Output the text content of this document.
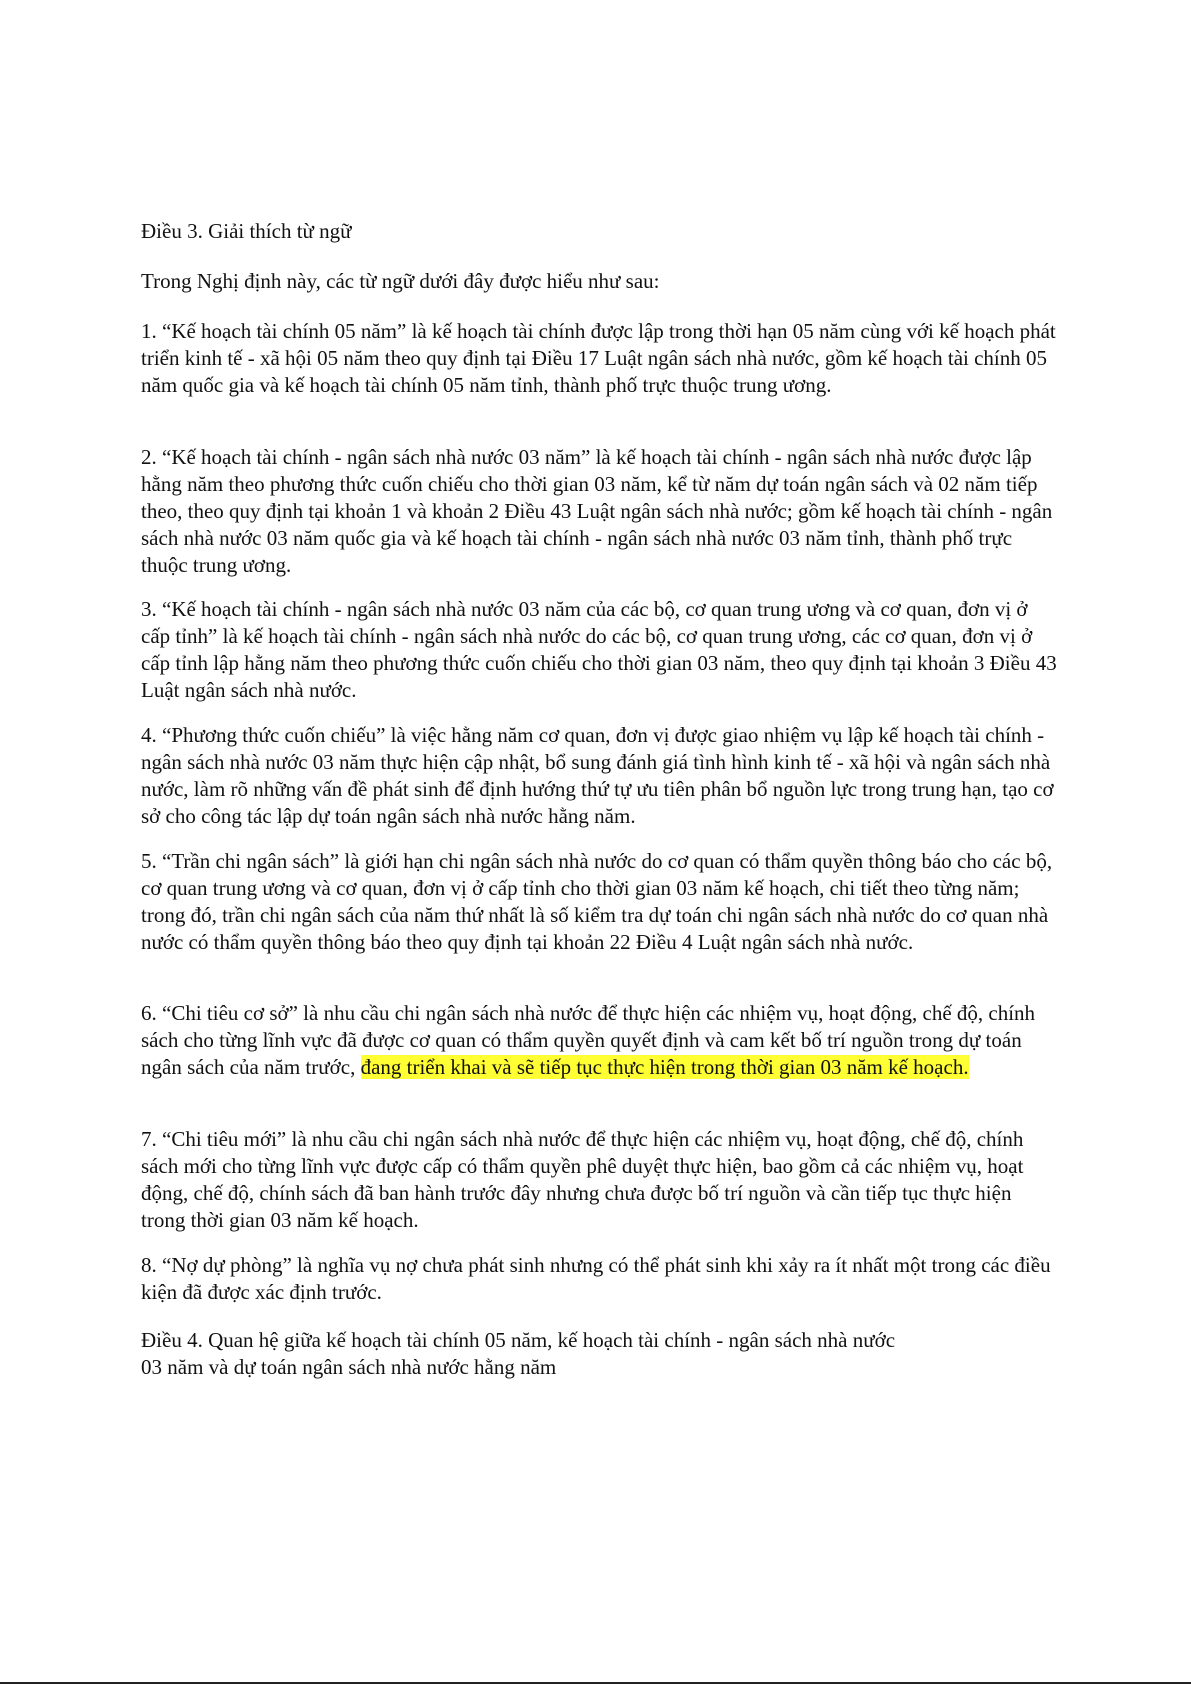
Điều 3. Giải thích từ ngữ

Trong Nghị định này, các từ ngữ dưới đây được hiểu như sau:

1. “Kế hoạch tài chính 05 năm” là kế hoạch tài chính được lập trong thời hạn 05 năm cùng với kế hoạch phát triển kinh tế - xã hội 05 năm theo quy định tại Điều 17 Luật ngân sách nhà nước, gồm kế hoạch tài chính 05 năm quốc gia và kế hoạch tài chính 05 năm tỉnh, thành phố trực thuộc trung ương.

2. “Kế hoạch tài chính - ngân sách nhà nước 03 năm” là kế hoạch tài chính - ngân sách nhà nước được lập hằng năm theo phương thức cuốn chiếu cho thời gian 03 năm, kể từ năm dự toán ngân sách và 02 năm tiếp theo, theo quy định tại khoản 1 và khoản 2 Điều 43 Luật ngân sách nhà nước; gồm kế hoạch tài chính - ngân sách nhà nước 03 năm quốc gia và kế hoạch tài chính - ngân sách nhà nước 03 năm tỉnh, thành phố trực thuộc trung ương.

3. “Kế hoạch tài chính - ngân sách nhà nước 03 năm của các bộ, cơ quan trung ương và cơ quan, đơn vị ở cấp tỉnh” là kế hoạch tài chính - ngân sách nhà nước do các bộ, cơ quan trung ương, các cơ quan, đơn vị ở cấp tỉnh lập hằng năm theo phương thức cuốn chiếu cho thời gian 03 năm, theo quy định tại khoản 3 Điều 43 Luật ngân sách nhà nước.

4. “Phương thức cuốn chiếu” là việc hằng năm cơ quan, đơn vị được giao nhiệm vụ lập kế hoạch tài chính - ngân sách nhà nước 03 năm thực hiện cập nhật, bổ sung đánh giá tình hình kinh tế - xã hội và ngân sách nhà nước, làm rõ những vấn đề phát sinh để định hướng thứ tự ưu tiên phân bổ nguồn lực trong trung hạn, tạo cơ sở cho công tác lập dự toán ngân sách nhà nước hằng năm.

5. “Trần chi ngân sách” là giới hạn chi ngân sách nhà nước do cơ quan có thẩm quyền thông báo cho các bộ, cơ quan trung ương và cơ quan, đơn vị ở cấp tỉnh cho thời gian 03 năm kế hoạch, chi tiết theo từng năm; trong đó, trần chi ngân sách của năm thứ nhất là số kiểm tra dự toán chi ngân sách nhà nước do cơ quan nhà nước có thẩm quyền thông báo theo quy định tại khoản 22 Điều 4 Luật ngân sách nhà nước.

6. “Chi tiêu cơ sở” là nhu cầu chi ngân sách nhà nước để thực hiện các nhiệm vụ, hoạt động, chế độ, chính sách cho từng lĩnh vực đã được cơ quan có thẩm quyền quyết định và cam kết bố trí nguồn trong dự toán ngân sách của năm trước, đang triển khai và sẽ tiếp tục thực hiện trong thời gian 03 năm kế hoạch.

7. “Chi tiêu mới” là nhu cầu chi ngân sách nhà nước để thực hiện các nhiệm vụ, hoạt động, chế độ, chính sách mới cho từng lĩnh vực được cấp có thẩm quyền phê duyệt thực hiện, bao gồm cả các nhiệm vụ, hoạt động, chế độ, chính sách đã ban hành trước đây nhưng chưa được bố trí nguồn và cần tiếp tục thực hiện trong thời gian 03 năm kế hoạch.

8. “Nợ dự phòng” là nghĩa vụ nợ chưa phát sinh nhưng có thể phát sinh khi xảy ra ít nhất một trong các điều kiện đã được xác định trước.

Điều 4. Quan hệ giữa kế hoạch tài chính 05 năm, kế hoạch tài chính - ngân sách nhà nước
03 năm và dự toán ngân sách nhà nước hằng năm
